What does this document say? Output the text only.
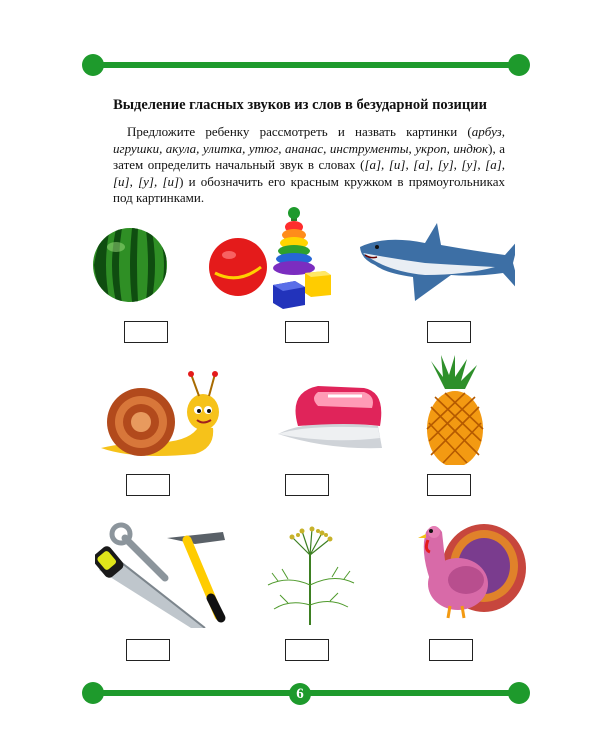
Выделение гласных звуков из слов в безударной позиции
Предложите ребенку рассмотреть и назвать картинки (арбуз, игрушки, акула, улитка, утюг, ананас, инструменты, укроп, индюк), а затем определить начальный звук в словах ([а], [и], [а], [у], [у], [а], [и], [у], [и]) и обозначить его красным кружком в прямоугольниках под картинками.
6
